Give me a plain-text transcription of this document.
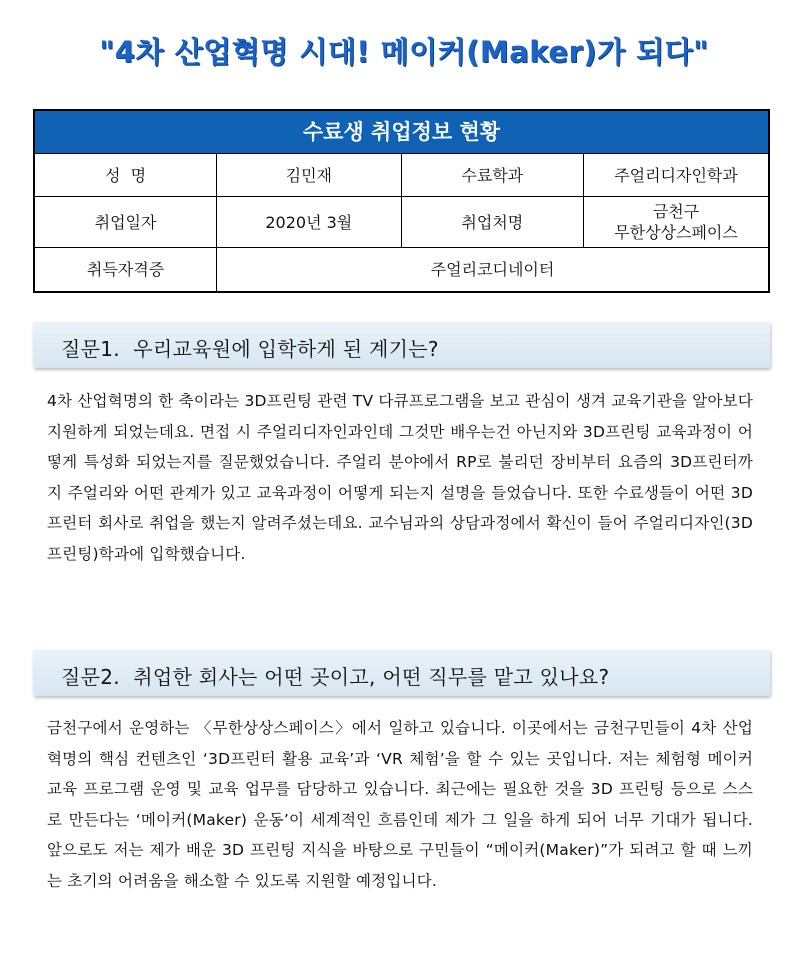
"4차 산업혁명 시대! 메이커(Maker)가 되다"
수료생 취업정보 현황			
성  명	김민재	수료학과	주얼리디자인학과
취업일자	2020년 3월	취업처명	금천구
무한상상스페이스

취득자격증	주얼리코디네이터		
질문1.  우리교육원에 입학하게 된 계기는?
4차 산업혁명의 한 축이라는 3D프린팅 관련 TV 다큐프로그램을 보고 관심이 생겨 교육기관을 알아보다 지원하게 되었는데요. 면접 시 주얼리디자인과인데 그것만 배우는건 아닌지와 3D프린팅 교육과정이 어떻게 특성화 되었는지를 질문했었습니다. 주얼리 분야에서 RP로 불리던 장비부터 요즘의 3D프린터까지 주얼리와 어떤 관계가 있고 교육과정이 어떻게 되는지 설명을 들었습니다. 또한 수료생들이 어떤 3D프린터 회사로 취업을 했는지 알려주셨는데요. 교수님과의 상담과정에서 확신이 들어 주얼리디자인(3D프린팅)학과에 입학했습니다.
질문2.  취업한 회사는 어떤 곳이고, 어떤 직무를 맡고 있나요?
금천구에서 운영하는 〈무한상상스페이스〉에서 일하고 있습니다. 이곳에서는 금천구민들이 4차 산업혁명의 핵심 컨텐츠인 ‘3D프린터 활용 교육’과 ‘VR 체험’을 할 수 있는 곳입니다. 저는 체험형 메이커 교육 프로그램 운영 및 교육 업무를 담당하고 있습니다. 최근에는 필요한 것을 3D 프린팅 등으로 스스로 만든다는 ‘메이커(Maker) 운동’이 세계적인 흐름인데 제가 그 일을 하게 되어 너무 기대가 됩니다. 앞으로도 저는 제가 배운 3D 프린팅 지식을 바탕으로 구민들이 “메이커(Maker)”가 되려고 할 때 느끼는 초기의 어려움을 해소할 수 있도록 지원할 예정입니다.
